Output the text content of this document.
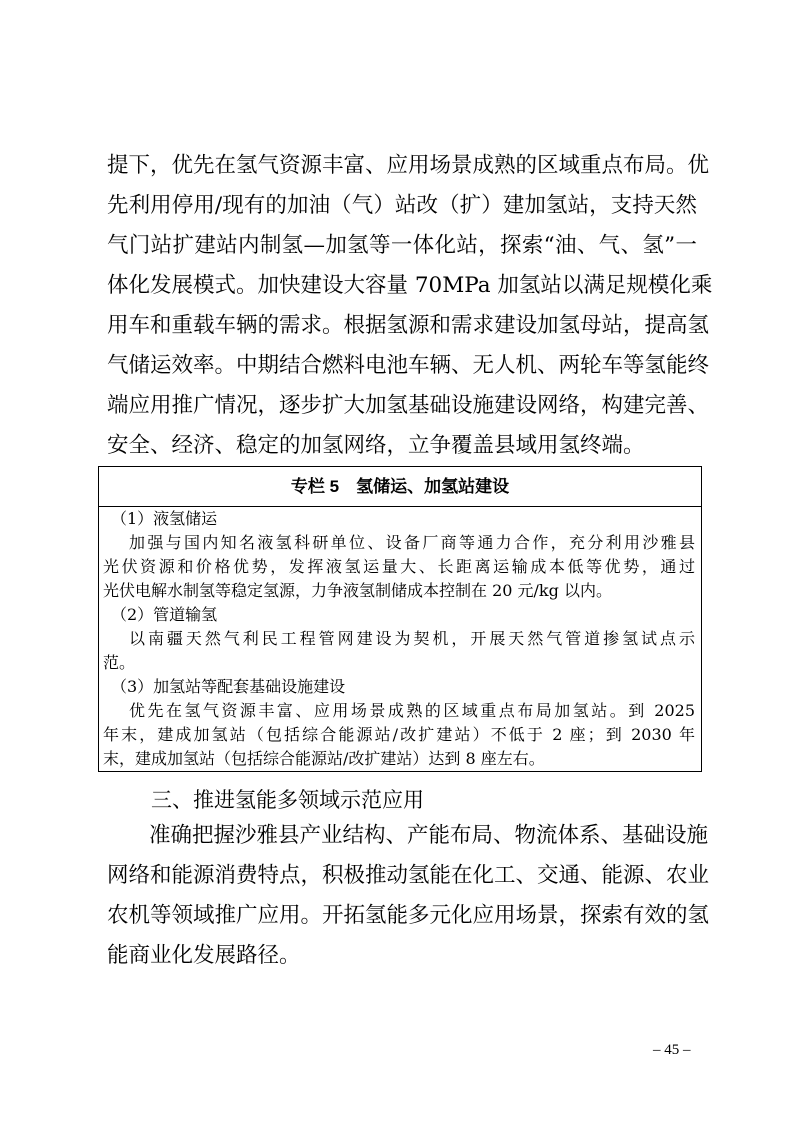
提下，优先在氢气资源丰富、应用场景成熟的区域重点布局。优
先利用停用/现有的加油（气）站改（扩）建加氢站，支持天然
气门站扩建站内制氢—加氢等一体化站，探索“油、气、氢”一
体化发展模式。加快建设大容量 70MPa 加氢站以满足规模化乘
用车和重载车辆的需求。根据氢源和需求建设加氢母站，提高氢
气储运效率。中期结合燃料电池车辆、无人机、两轮车等氢能终
端应用推广情况，逐步扩大加氢基础设施建设网络，构建完善、
安全、经济、稳定的加氢网络，立争覆盖县域用氢终端。
专栏 5　氢储运、加氢站建设
（1）液氢储运
加强与国内知名液氢科研单位、设备厂商等通力合作，充分利用沙雅县
光伏资源和价格优势，发挥液氢运量大、长距离运输成本低等优势，通过
光伏电解水制氢等稳定氢源，力争液氢制储成本控制在 20 元/kg 以内。
（2）管道输氢
以南疆天然气利民工程管网建设为契机，开展天然气管道掺氢试点示
范。
（3）加氢站等配套基础设施建设
优先在氢气资源丰富、应用场景成熟的区域重点布局加氢站。到 2025
年末，建成加氢站（包括综合能源站/改扩建站）不低于 2 座；到 2030 年
末，建成加氢站（包括综合能源站/改扩建站）达到 8 座左右。
三、推进氢能多领域示范应用
准确把握沙雅县产业结构、产能布局、物流体系、基础设施
网络和能源消费特点，积极推动氢能在化工、交通、能源、农业
农机等领域推广应用。开拓氢能多元化应用场景，探索有效的氢
能商业化发展路径。
– 45 –
